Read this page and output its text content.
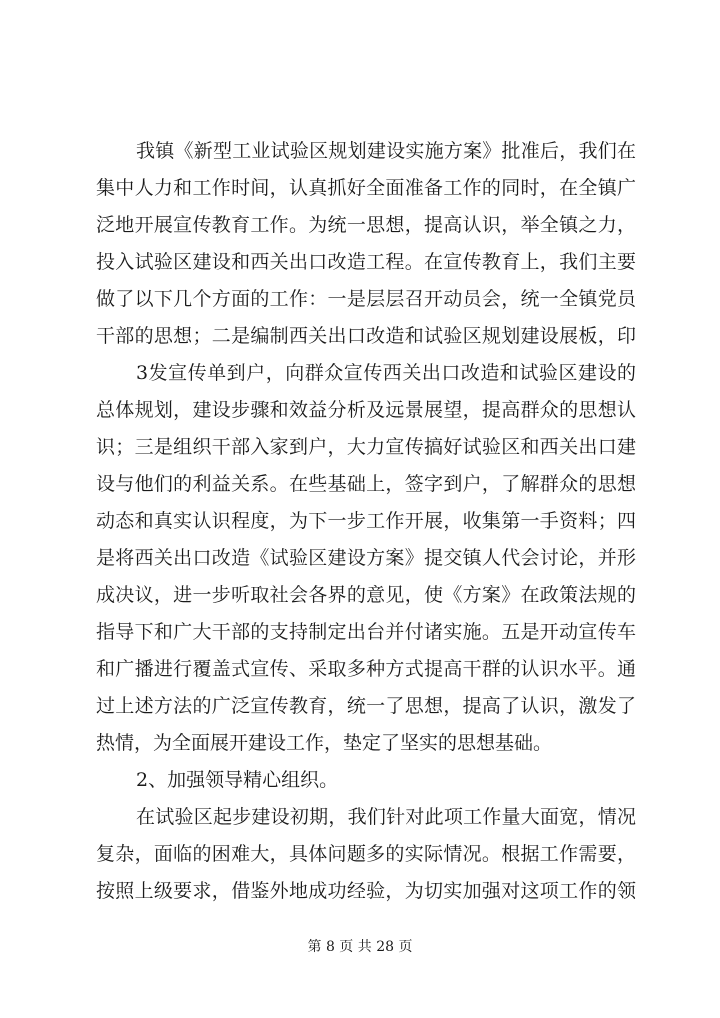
我镇《新型工业试验区规划建设实施方案》批准后，我们在
集中人力和工作时间，认真抓好全面准备工作的同时，在全镇广
泛地开展宣传教育工作。为统一思想，提高认识，举全镇之力，
投入试验区建设和西关出口改造工程。在宣传教育上，我们主要
做了以下几个方面的工作：一是层层召开动员会，统一全镇党员
干部的思想；二是编制西关出口改造和试验区规划建设展板，印
3发宣传单到户，向群众宣传西关出口改造和试验区建设的
总体规划，建设步骤和效益分析及远景展望，提高群众的思想认
识；三是组织干部入家到户，大力宣传搞好试验区和西关出口建
设与他们的利益关系。在些基础上，签字到户，了解群众的思想
动态和真实认识程度，为下一步工作开展，收集第一手资料；四
是将西关出口改造《试验区建设方案》提交镇人代会讨论，并形
成决议，进一步听取社会各界的意见，使《方案》在政策法规的
指导下和广大干部的支持制定出台并付诸实施。五是开动宣传车
和广播进行覆盖式宣传、采取多种方式提高干群的认识水平。通
过上述方法的广泛宣传教育，统一了思想，提高了认识，激发了
热情，为全面展开建设工作，垫定了坚实的思想基础。
2、加强领导精心组织。
在试验区起步建设初期，我们针对此项工作量大面宽，情况
复杂，面临的困难大，具体问题多的实际情况。根据工作需要，
按照上级要求，借鉴外地成功经验，为切实加强对这项工作的领
第 8 页 共 28 页
